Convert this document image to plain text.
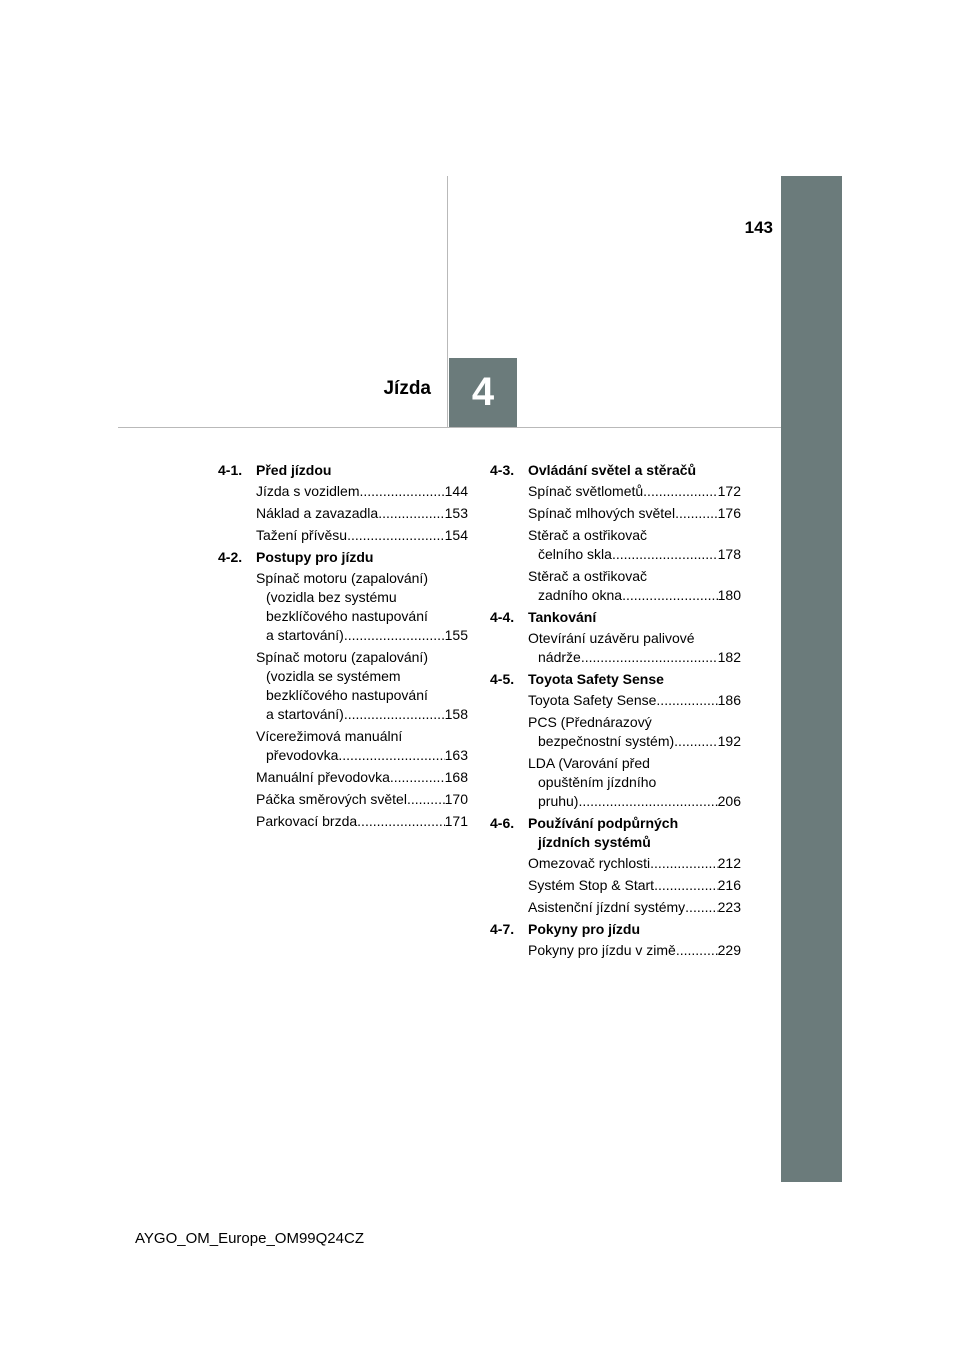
143
4
Jízda
4-1. Před jízdou
Jízda s vozidlem .....	144
Náklad a zavazadla .....	153
Tažení přívěsu .....	154
4-2. Postupy pro jízdu
Spínač motoru (zapalování)
(vozidla bez systému
bezklíčového nastupování
a startování) .....	155
Spínač motoru (zapalování)
(vozidla se systémem
bezklíčového nastupování
a startování) .....	158
Vícerežimová manuální
převodovka .....	163
Manuální převodovka .....	168
Páčka směrových světel .....	170
Parkovací brzda .....	171
4-3. Ovládání světel a stěračů
Spínač světlometů .....	172
Spínač mlhových světel .....	176
Stěrač a ostřikovač
čelního skla .....	178
Stěrač a ostřikovač
zadního okna .....	180
4-4. Tankování
Otevírání uzávěru palivové
nádrže .....	182
4-5. Toyota Safety Sense
Toyota Safety Sense .....	186
PCS (Přednárazový
bezpečnostní systém) .....	192
LDA (Varování před
opuštěním jízdního
pruhu) .....	206
4-6. Používání podpůrných
jízdních systémů
Omezovač rychlosti .....	212
Systém Stop & Start .....	216
Asistenční jízdní systémy ..... 223
4-7. Pokyny pro jízdu
Pokyny pro jízdu v zimě .....	229
AYGO_OM_Europe_OM99Q24CZ
